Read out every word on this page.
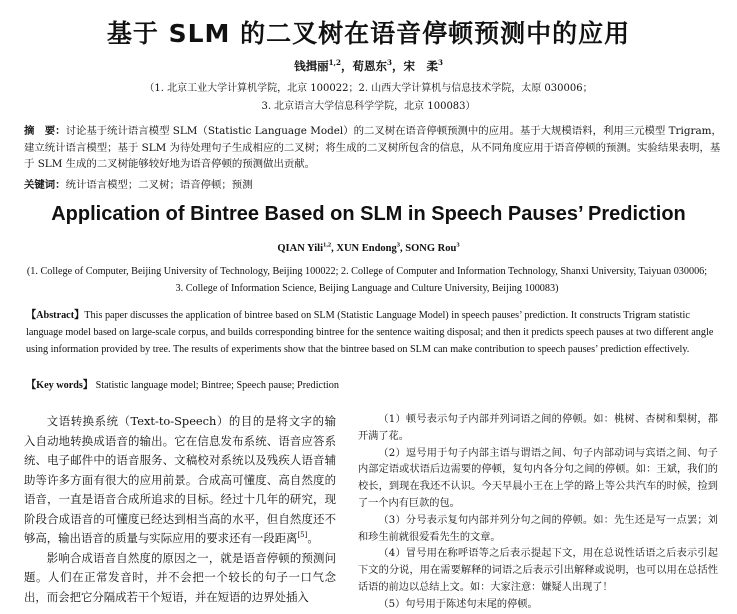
基于 SLM 的二叉树在语音停顿预测中的应用
钱揖丽$^{1,2}$，荀恩东$^3$，宋　柔$^3$
（1. 北京工业大学计算机学院，北京 100022；2. 山西大学计算机与信息技术学院，太原 030006；
3. 北京语言大学信息科学学院，北京 100083）
摘　要：讨论基于统计语言模型 SLM（Statistic Language Model）的二叉树在语音停顿预测中的应用。基于大规模语料，利用三元模型 Trigram，建立统计语言模型；基于 SLM 为待处理句子生成相应的二叉树；将生成的二叉树所包含的信息，从不同角度应用于语音停顿的预测。实验结果表明，基于 SLM 生成的二叉树能够较好地为语音停顿的预测做出贡献。
关键词：统计语言模型；二叉树；语音停顿；预测
Application of Bintree Based on SLM in Speech Pauses’ Prediction
QIAN Yili$^{1,2}$, XUN Endong$^3$, SONG Rou$^3$
(1. College of Computer, Beijing University of Technology, Beijing 100022; 2. College of Computer and Information Technology, Shanxi University, Taiyuan 030006; 3. College of Information Science, Beijing Language and Culture University, Beijing 100083)
【Abstract】This paper discusses the application of bintree based on SLM (Statistic Language Model) in speech pauses’ prediction. It constructs Trigram statistic language model based on large-scale corpus, and builds corresponding bintree for the sentence waiting disposal; and then it predicts speech pauses at two different angle using information provided by tree. The results of experiments show that the bintree based on SLM can make contribution to speech pauses’ prediction effectively.
【Key words】 Statistic language model; Bintree; Speech pause; Prediction

文语转换系统（Text-to-Speech）的目的是将文字的输入自动地转换成语音的输出。它在信息发布系统、语音应答系统、电子邮件中的语音服务、文稿校对系统以及残疾人语音辅助等许多方面有很大的应用前景。合成高可懂度、高自然度的语音，一直是语音合成所追求的目标。经过十几年的研究，现阶段合成语音的可懂度已经达到相当高的水平，但自然度还不够高，输出语音的质量与实际应用的要求还有一段距离[5]。

影响合成语音自然度的原因之一，就是语音停顿的预测问题。人们在正常发音时，并不会把一个较长的句子一口气念出，而会把它分隔成若干个短语，并在短语的边界处插入

（1）顿号表示句子内部并列词语之间的停顿。如：桃树、杏树和梨树，都开满了花。

（2）逗号用于句子内部主语与谓语之间、句子内部动词与宾语之间、句子内部定语或状语后边需要的停顿，复句内各分句之间的停顿。如：王斌，我们的校长，到现在我还不认识。今天早晨小王在上学的路上等公共汽车的时候，捡到了一个内有巨款的包。

（3）分号表示复句内部并列分句之间的停顿。如：先生还是写一点罢；刘和珍生前就很爱看先生的文章。

（4）冒号用在称呼语等之后表示提起下文，用在总说性话语之后表示引起下文的分说，用在需要解释的词语之后表示引出解释或说明，也可以用在总括性话语的前边以总结上文。如：大家注意：嫌疑人出现了！

（5）句号用于陈述句末尾的停顿。
